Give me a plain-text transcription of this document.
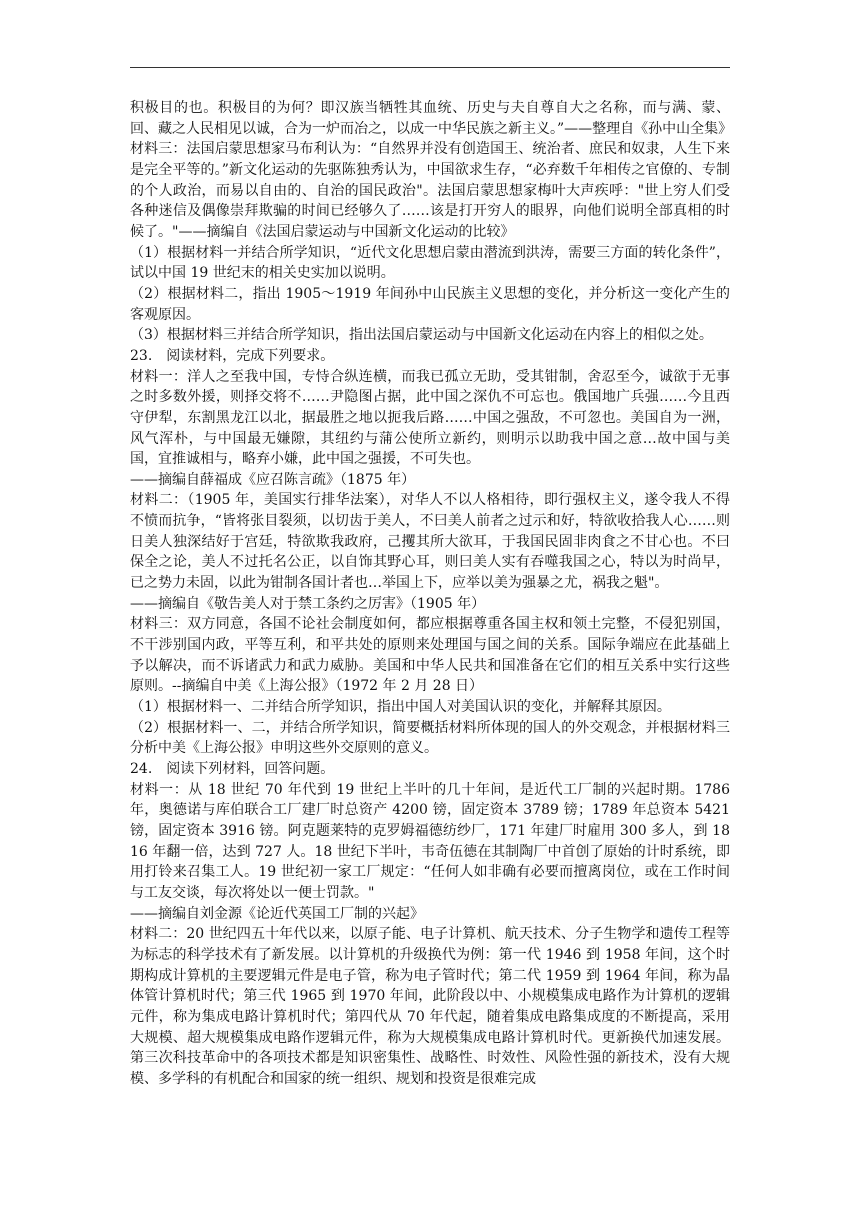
积极目的也。积极目的为何？即汉族当牺牲其血统、历史与夫自尊自大之名称，而与满、蒙、回、藏之人民相见以诚，合为一炉而冶之，以成一中华民族之新主义。”——整理自《孙中山全集》

材料三：法国启蒙思想家马布利认为：“自然界并没有创造国王、统治者、庶民和奴隶，人生下来是完全平等的。”新文化运动的先驱陈独秀认为，中国欲求生存，“必弃数千年相传之官僚的、专制的个人政治，而易以自由的、自治的国民政治"。法国启蒙思想家梅叶大声疾呼："世上穷人们受各种迷信及偶像崇拜欺骗的时间已经够久了……该是打开穷人的眼界，向他们说明全部真相的时候了。"——摘编自《法国启蒙运动与中国新文化运动的比较》

（1）根据材料一并结合所学知识，“近代文化思想启蒙由潜流到洪涛，需要三方面的转化条件”，试以中国 19 世纪末的相关史实加以说明。

（2）根据材料二，指出 1905～1919 年间孙中山民族主义思想的变化，并分析这一变化产生的客观原因。

（3）根据材料三并结合所学知识，指出法国启蒙运动与中国新文化运动在内容上的相似之处。

23.　阅读材料，完成下列要求。

材料一：洋人之至我中国，专恃合纵连横，而我已孤立无助，受其钳制，舍忍至今，诚欲于无事之时多数外援，则择交将不……尹隐图占据，此中国之深仇不可忘也。俄国地广兵强……今且西守伊犁，东割黑龙江以北，据最胜之地以扼我后路……中国之强敌，不可忽也。美国自为一洲，风气浑朴，与中国最无嫌隙，其纽约与蒲公使所立新约，则明示以助我中国之意…故中国与美国，宜推诚相与，略弃小嫌，此中国之强援，不可失也。

——摘编自薛福成《应召陈言疏》（1875 年）

材料二：（1905 年，美国实行排华法案），对华人不以人格相待，即行强权主义，遂令我人不得不愤而抗争，“皆将张目裂须，以切齿于美人，不曰美人前者之过示和好，特欲收拾我人心……则日美人独深结好于宫廷，特欲欺我政府，己攫其所大欲耳，于我国民固非肉食之不甘心也。不曰保全之论，美人不过托名公正，以自饰其野心耳，则曰美人实有吞噬我国之心，特以为时尚早，已之势力未固，以此为钳制各国计者也…举国上下，应举以美为强暴之尤，祸我之魁"。

——摘编自《敬告美人对于禁工条约之厉害》（1905 年）

材料三：双方同意，各国不论社会制度如何，都应根据尊重各国主权和领土完整，不侵犯别国，不干涉别国内政，平等互利，和平共处的原则来处理国与国之间的关系。国际争端应在此基础上予以解决，而不诉诸武力和武力威胁。美国和中华人民共和国准备在它们的相互关系中实行这些原则。--摘编自中美《上海公报》（1972 年 2 月 28 日）

（1）根据材料一、二并结合所学知识，指出中国人对美国认识的变化，并解释其原因。

（2）根据材料一、二，并结合所学知识，简要概括材料所体现的国人的外交观念，并根据材料三分析中美《上海公报》申明这些外交原则的意义。

24.　阅读下列材料，回答问题。

材料一：从 18 世纪 70 年代到 19 世纪上半叶的几十年间，是近代工厂制的兴起时期。1786 年，奥德诺与库伯联合工厂建厂时总资产 4200 镑，固定资本 3789 镑；1789 年总资本 5421 镑，固定资本 3916 镑。阿克题莱特的克罗姆福德纺纱厂，171 年建厂时雇用 300 多人，到 1816 年翻一倍，达到 727 人。18 世纪下半叶，韦奇伍德在其制陶厂中首创了原始的计时系统，即用打铃来召集工人。19 世纪初一家工厂规定：“任何人如非确有必要而擅离岗位，或在工作时间与工友交谈，每次将处以一便士罚款。"

——摘编自刘金源《论近代英国工厂制的兴起》

材料二：20 世纪四五十年代以来，以原子能、电子计算机、航天技术、分子生物学和遗传工程等为标志的科学技术有了新发展。以计算机的升级换代为例：第一代 1946 到 1958 年间，这个时期构成计算机的主要逻辑元件是电子管，称为电子管时代；第二代 1959 到 1964 年间，称为晶体管计算机时代；第三代 1965 到 1970 年间，此阶段以中、小规模集成电路作为计算机的逻辑元件，称为集成电路计算机时代；第四代从 70 年代起，随着集成电路集成度的不断提高，采用大规模、超大规模集成电路作逻辑元件，称为大规模集成电路计算机时代。更新换代加速发展。第三次科技革命中的各项技术都是知识密集性、战略性、时效性、风险性强的新技术，没有大规模、多学科的有机配合和国家的统一组织、规划和投资是很难完成
